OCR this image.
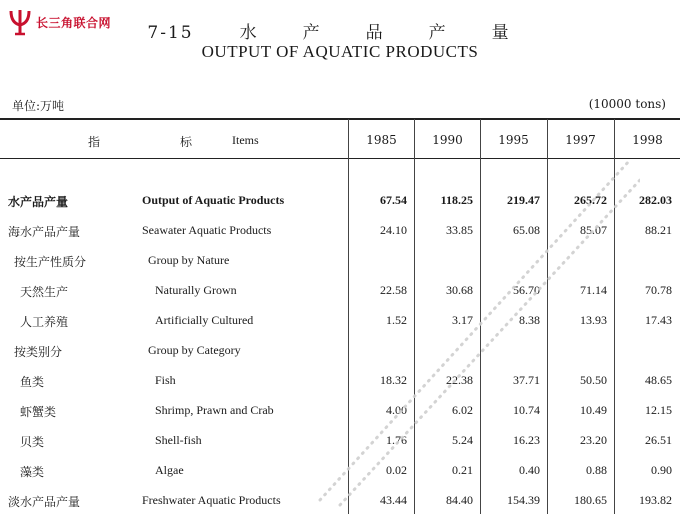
长三角联合网
7-15	水	产	品	产	量
OUTPUT OF AQUATIC PRODUCTS
单位:万吨	(10000 tons)
指	标	Items	1985	1990	1995	1997	1998
水产品产量	Output of Aquatic Products	67.54	118.25	219.47	265.72	282.03
海水产品产量	Seawater Aquatic Products	24.10	33.85	65.08	85.07	88.21
按生产性质分	Group by Nature
天然生产	Naturally Grown	22.58	30.68	56.70	71.14	70.78
人工养殖	Artificially Cultured	1.52	3.17	8.38	13.93	17.43
按类别分	Group by Category
鱼类	Fish	18.32	22.38	37.71	50.50	48.65
虾蟹类	Shrimp, Prawn and Crab	4.00	6.02	10.74	10.49	12.15
贝类	Shell-fish	1.76	5.24	16.23	23.20	26.51
藻类	Algae	0.02	0.21	0.40	0.88	0.90
淡水产品产量	Freshwater Aquatic Products	43.44	84.40	154.39	180.65	193.82
